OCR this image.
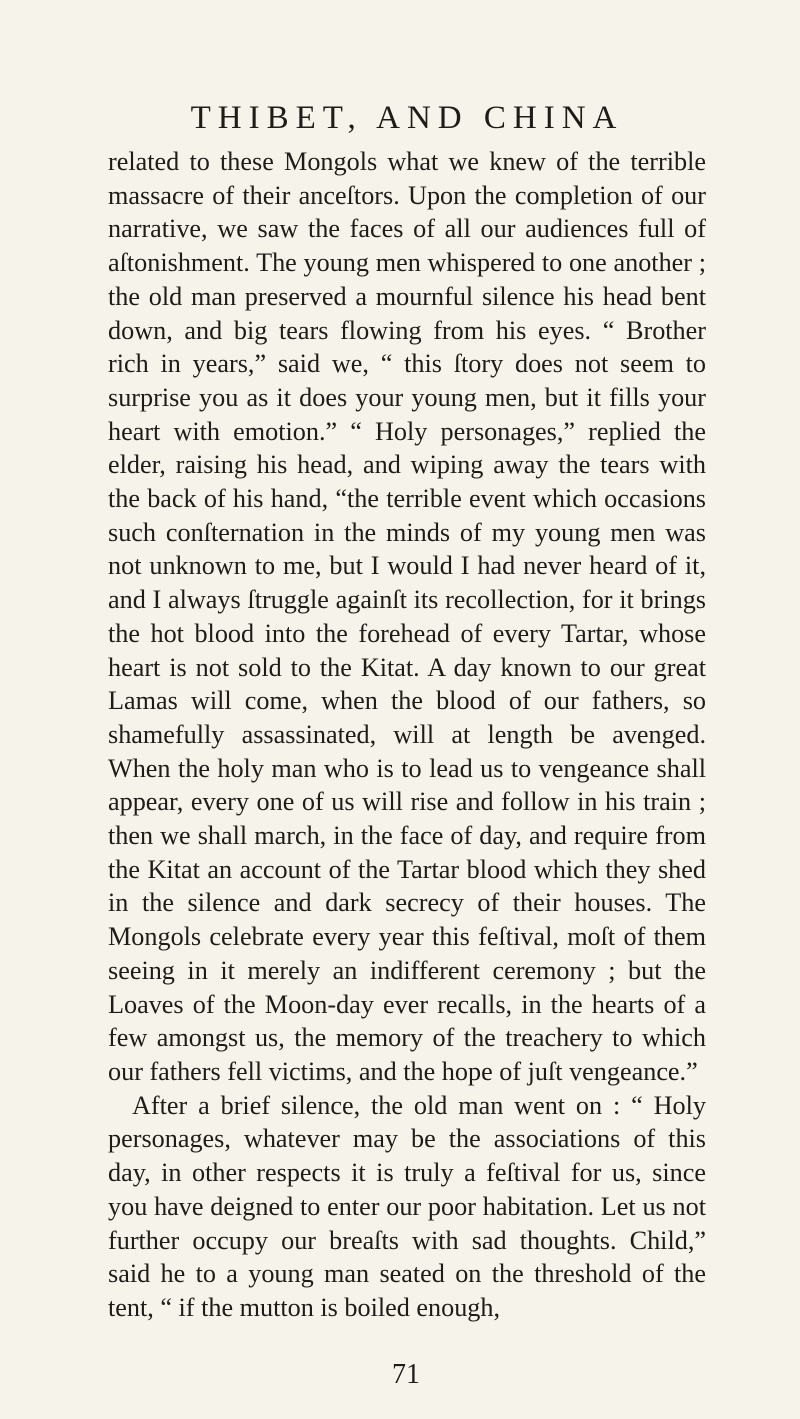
THIBET, AND CHINA

related to these Mongols what we knew of the terrible massacre of their anceſtors. Upon the completion of our narrative, we saw the faces of all our audiences full of aſtonishment. The young men whispered to one another ; the old man preserved a mournful silence his head bent down, and big tears flowing from his eyes. “ Brother rich in years,” said we, “ this ſtory does not seem to surprise you as it does your young men, but it fills your heart with emotion.” “ Holy personages,” replied the elder, raising his head, and wiping away the tears with the back of his hand, “the terrible event which occasions such conſternation in the minds of my young men was not unknown to me, but I would I had never heard of it, and I always ſtruggle againſt its recollection, for it brings the hot blood into the forehead of every Tartar, whose heart is not sold to the Kitat. A day known to our great Lamas will come, when the blood of our fathers, so shamefully assassinated, will at length be avenged. When the holy man who is to lead us to vengeance shall appear, every one of us will rise and follow in his train ; then we shall march, in the face of day, and require from the Kitat an account of the Tartar blood which they shed in the silence and dark secrecy of their houses. The Mongols celebrate every year this feſtival, moſt of them seeing in it merely an indifferent ceremony ; but the Loaves of the Moon-day ever recalls, in the hearts of a few amongst us, the memory of the treachery to which our fathers fell victims, and the hope of juſt vengeance.”

After a brief silence, the old man went on : “ Holy personages, whatever may be the associations of this day, in other respects it is truly a feſtival for us, since you have deigned to enter our poor habitation. Let us not further occupy our breaſts with sad thoughts. Child,” said he to a young man seated on the threshold of the tent, “ if the mutton is boiled enough,

71
